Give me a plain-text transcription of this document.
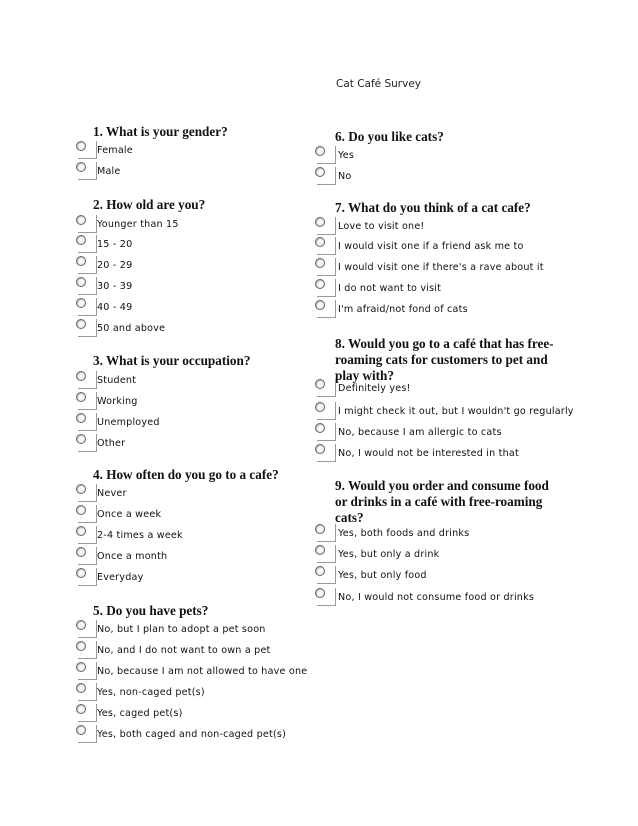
Cat Café Survey
1. What is your gender?
Female
Male
2. How old are you?
Younger than 15
15 - 20
20 - 29
30 - 39
40 - 49
50 and above
3. What is your occupation?
Student
Working
Unemployed
Other
4. How often do you go to a cafe?
Never
Once a week
2-4 times a week
Once a month
Everyday
5. Do you have pets?
No, but I plan to adopt a pet soon
No, and I do not want to own a pet
No, because I am not allowed to have one
Yes, non-caged pet(s)
Yes, caged pet(s)
Yes, both caged and non-caged pet(s)
6. Do you like cats?
Yes
No
7. What do you think of a cat cafe?
Love to visit one!
I would visit one if a friend ask me to
I would visit one if there's a rave about it
I do not want to visit
I'm afraid/not fond of cats
8. Would you go to a café that has free-
roaming cats for customers to pet and
play with?
Definitely yes!
I might check it out, but I wouldn't go regularly
No, because I am allergic to cats
No, I would not be interested in that
9. Would you order and consume food
or drinks in a café with free-roaming
cats?
Yes, both foods and drinks
Yes, but only a drink
Yes, but only food
No, I would not consume food or drinks
